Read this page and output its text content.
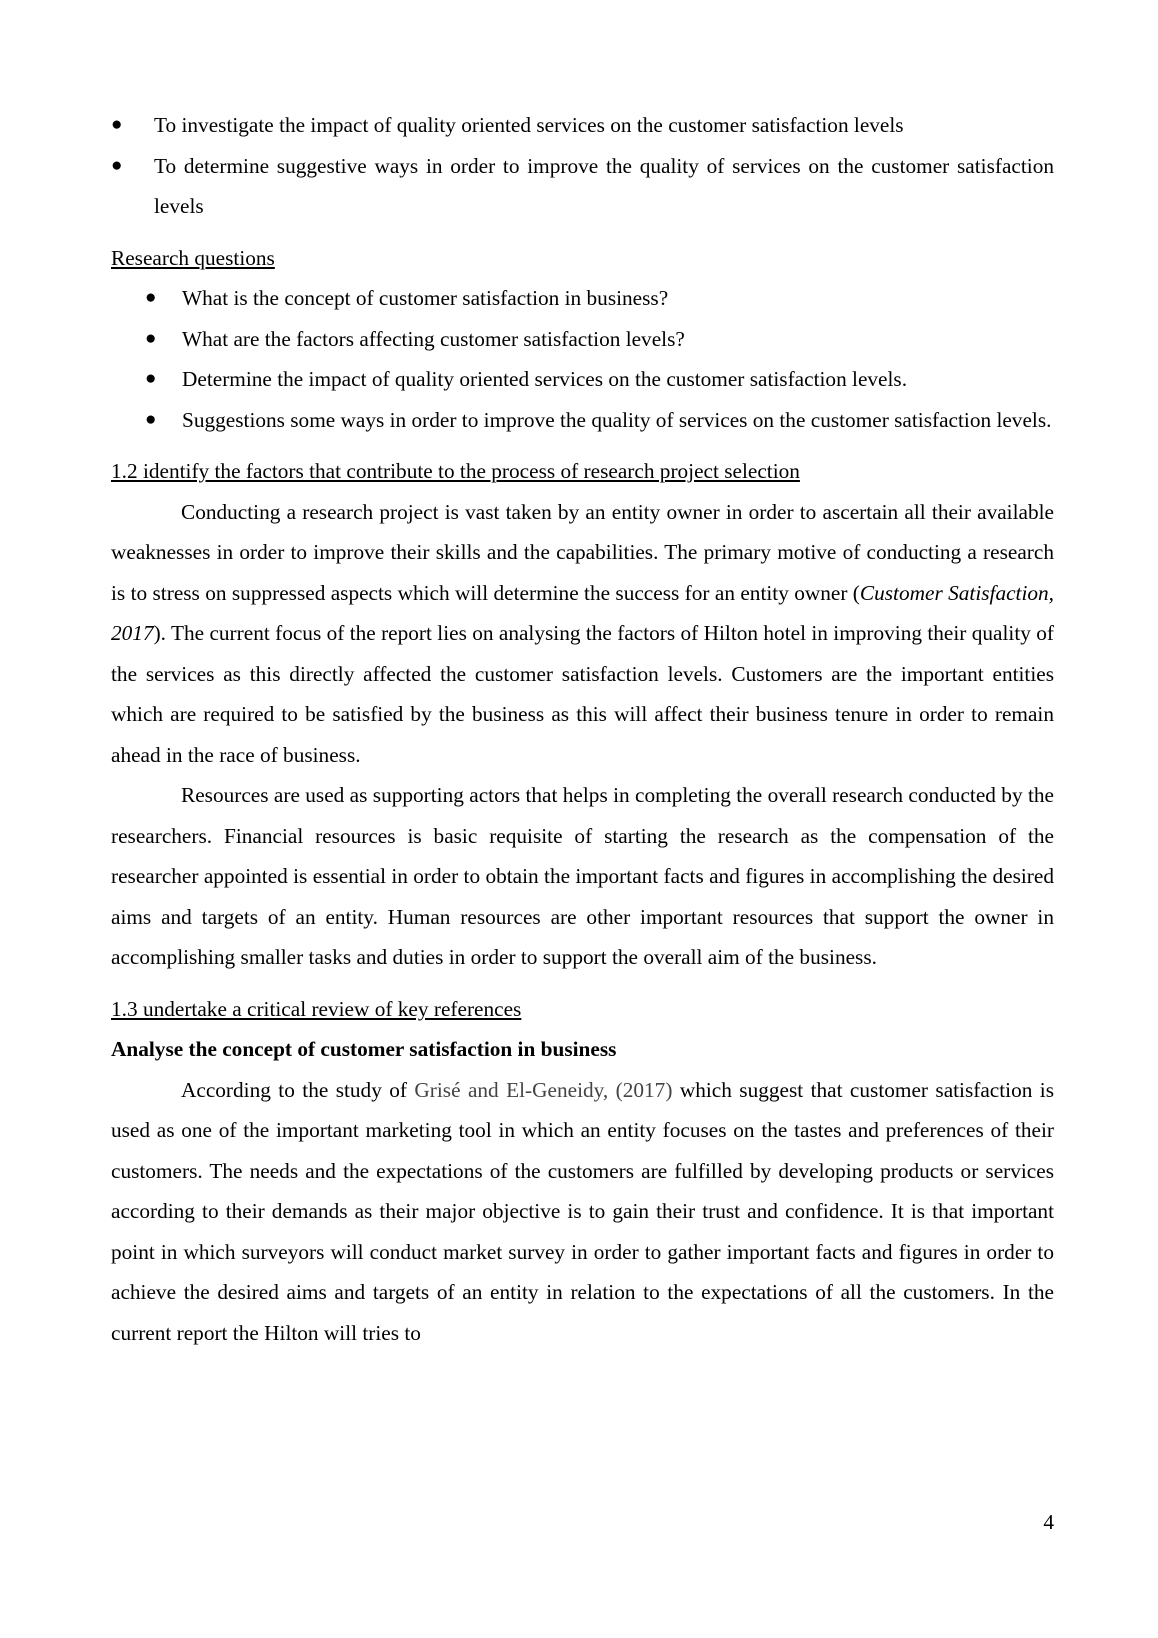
● To investigate the impact of quality oriented services on the customer satisfaction levels
● To determine suggestive ways in order to improve the quality of services on the customer satisfaction levels
Research questions
● What is the concept of customer satisfaction in business?
● What are the factors affecting customer satisfaction levels?
● Determine the impact of quality oriented services on the customer satisfaction levels.
● Suggestions some ways in order to improve the quality of services on the customer satisfaction levels.
1.2 identify the factors that contribute to the process of research project selection

Conducting a research project is vast taken by an entity owner in order to ascertain all their available weaknesses in order to improve their skills and the capabilities. The primary motive of conducting a research is to stress on suppressed aspects which will determine the success for an entity owner (Customer Satisfaction, 2017). The current focus of the report lies on analysing the factors of Hilton hotel in improving their quality of the services as this directly affected the customer satisfaction levels. Customers are the important entities which are required to be satisfied by the business as this will affect their business tenure in order to remain ahead in the race of business.

Resources are used as supporting actors that helps in completing the overall research conducted by the researchers. Financial resources is basic requisite of starting the research as the compensation of the researcher appointed is essential in order to obtain the important facts and figures in accomplishing the desired aims and targets of an entity. Human resources are other important resources that support the owner in accomplishing smaller tasks and duties in order to support the overall aim of the business.

1.3 undertake a critical review of key references
Analyse the concept of customer satisfaction in business

According to the study of Grisé and El-Geneidy, (2017) which suggest that customer satisfaction is used as one of the important marketing tool in which an entity focuses on the tastes and preferences of their customers. The needs and the expectations of the customers are fulfilled by developing products or services according to their demands as their major objective is to gain their trust and confidence. It is that important point in which surveyors will conduct market survey in order to gather important facts and figures in order to achieve the desired aims and targets of an entity in relation to the expectations of all the customers. In the current report the Hilton will tries to

4
